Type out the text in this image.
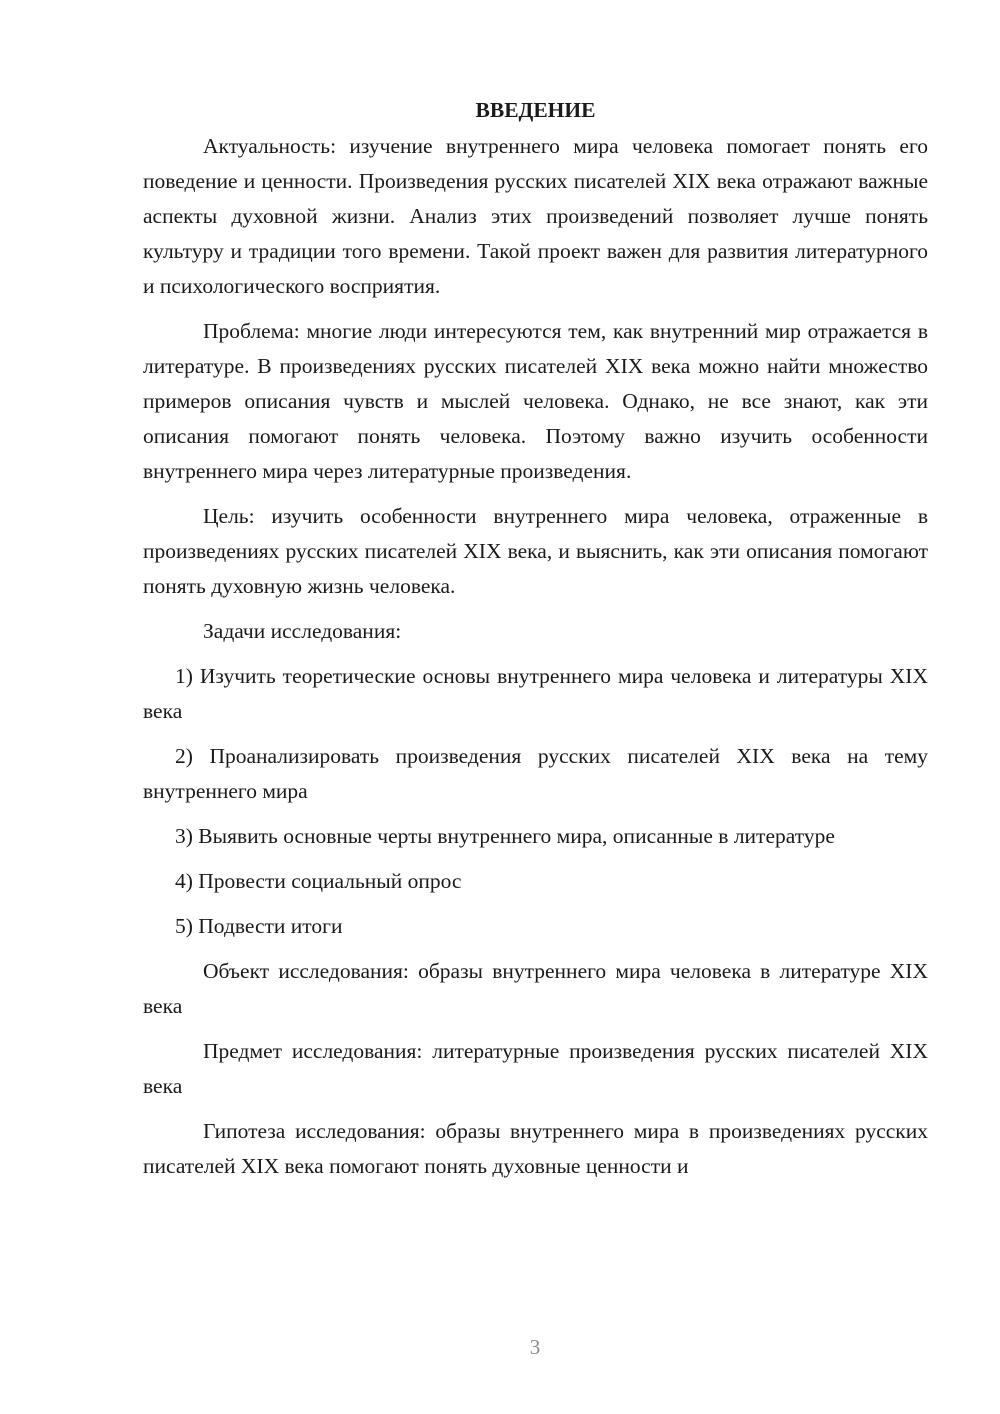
ВВЕДЕНИЕ

Актуальность: изучение внутреннего мира человека помогает понять его поведение и ценности. Произведения русских писателей XIX века отражают важные аспекты духовной жизни. Анализ этих произведений позволяет лучше понять культуру и традиции того времени. Такой проект важен для развития литературного и психологического восприятия.

Проблема: многие люди интересуются тем, как внутренний мир отражается в литературе. В произведениях русских писателей XIX века можно найти множество примеров описания чувств и мыслей человека. Однако, не все знают, как эти описания помогают понять человека. Поэтому важно изучить особенности внутреннего мира через литературные произведения.

Цель: изучить особенности внутреннего мира человека, отраженные в произведениях русских писателей XIX века, и выяснить, как эти описания помогают понять духовную жизнь человека.

Задачи исследования:

1) Изучить теоретические основы внутреннего мира человека и литературы XIX века

2) Проанализировать произведения русских писателей XIX века на тему внутреннего мира

3) Выявить основные черты внутреннего мира, описанные в литературе

4) Провести социальный опрос

5) Подвести итоги

Объект исследования: образы внутреннего мира человека в литературе XIX века

Предмет исследования: литературные произведения русских писателей XIX века

Гипотеза исследования: образы внутреннего мира в произведениях русских писателей XIX века помогают понять духовные ценности и

3
